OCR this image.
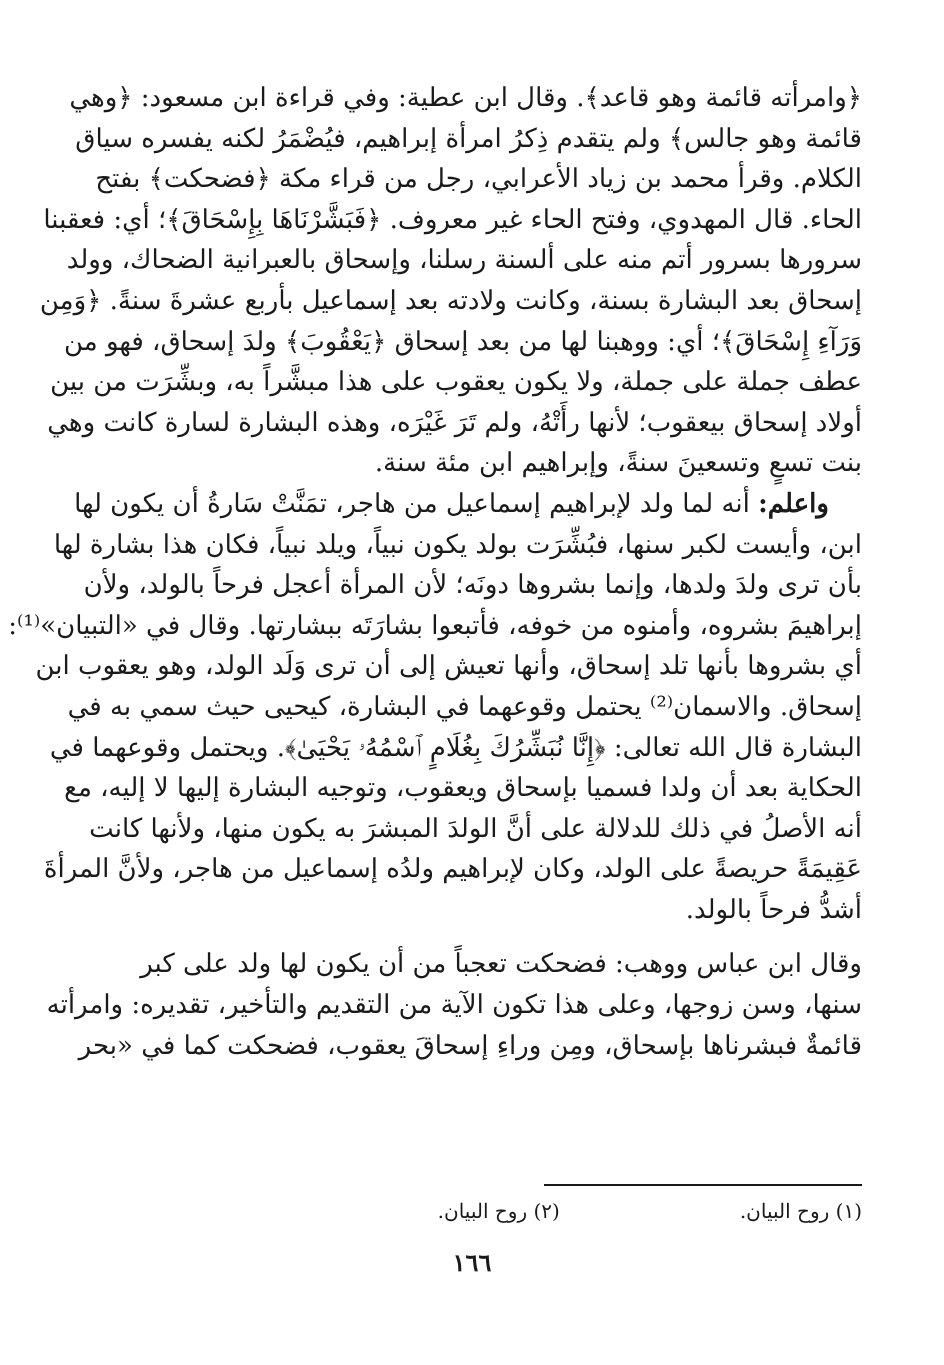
﴿وامرأته قائمة وهو قاعد﴾. وقال ابن عطية: وفي قراءة ابن مسعود: ﴿وهي
قائمة وهو جالس﴾ ولم يتقدم ذِكرُ امرأة إبراهيم، فيُضْمَرُ لكنه يفسره سياق
الكلام. وقرأ محمد بن زياد الأعرابي، رجل من قراء مكة ﴿فضحكت﴾ بفتح
الحاء. قال المهدوي، وفتح الحاء غير معروف. ﴿فَبَشَّرْنَاهَا بِإِسْحَاقَ﴾؛ أي: فعقبنا
سرورها بسرور أتم منه على ألسنة رسلنا، وإسحاق بالعبرانية الضحاك، وولد
إسحاق بعد البشارة بسنة، وكانت ولادته بعد إسماعيل بأربع عشرةَ سنةً. ﴿وَمِن
وَرَآءِ إِسْحَاقَ﴾؛ أي: ووهبنا لها من بعد إسحاق ﴿يَعْقُوبَ﴾ ولدَ إسحاق، فهو من
عطف جملة على جملة، ولا يكون يعقوب على هذا مبشَّراً به، وبشِّرَت من بين
أولاد إسحاق بيعقوب؛ لأنها رأَتْهُ، ولم تَرَ غَيْرَه، وهذه البشارة لسارة كانت وهي
بنت تسعٍ وتسعينَ سنةً، وإبراهيم ابن مئة سنة.
واعلم: أنه لما ولد لإبراهيم إسماعيل من هاجر، تمَنَّتْ سَارةُ أن يكون لها
ابن، وأيست لكبر سنها، فبُشِّرَت بولد يكون نبياً، ويلد نبياً، فكان هذا بشارة لها
بأن ترى ولدَ ولدها، وإنما بشروها دونَه؛ لأن المرأة أعجل فرحاً بالولد، ولأن
إبراهيمَ بشروه، وأمنوه من خوفه، فأتبعوا بشارَتَه ببشارتها. وقال في «التبيان»⁽¹⁾:
أي بشروها بأنها تلد إسحاق، وأنها تعيش إلى أن ترى وَلَد الولد، وهو يعقوب ابن
إسحاق. والاسمان⁽²⁾ يحتمل وقوعهما في البشارة، كيحيى حيث سمي به في
البشارة قال الله تعالى: ﴿إِنَّا نُبَشِّرُكَ بِغُلَامٍ ٱسْمُهُۥ يَحْيَىٰ﴾. ويحتمل وقوعهما في
الحكاية بعد أن ولدا فسميا بإسحاق ويعقوب، وتوجيه البشارة إليها لا إليه، مع
أنه الأصلُ في ذلك للدلالة على أنَّ الولدَ المبشرَ به يكون منها، ولأنها كانت
عَقِيمَةً حريصةً على الولد، وكان لإبراهيم ولدُه إسماعيل من هاجر، ولأنَّ المرأةَ
أشدُّ فرحاً بالولد.
وقال ابن عباس ووهب: فضحكت تعجباً من أن يكون لها ولد على كبر
سنها، وسن زوجها، وعلى هذا تكون الآية من التقديم والتأخير، تقديره: وامرأته
قائمةٌ فبشرناها بإسحاق، ومِن وراءِ إسحاقَ يعقوب، فضحكت كما في «بحر
(١) روح البيان.
(٢) روح البيان.
١٦٦
